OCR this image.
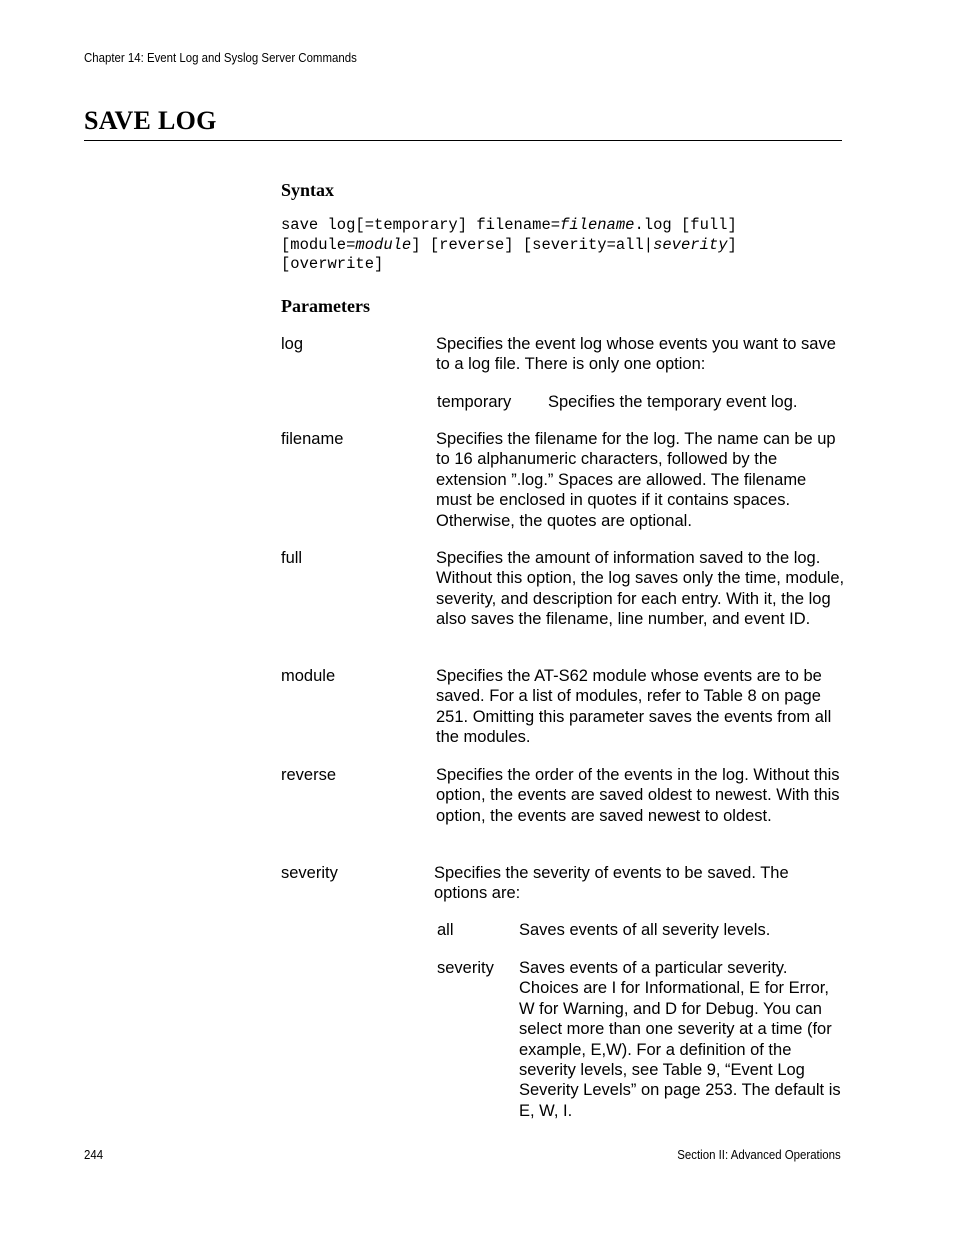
Chapter 14: Event Log and Syslog Server Commands
SAVE LOG
Syntax
save log[=temporary] filename=filename.log [full]
[module=module] [reverse] [severity=all|severity]
[overwrite]
Parameters
log	Specifies the event log whose events you want to save to a log file. There is only one option:
temporary Specifies the temporary event log.
filename	Specifies the filename for the log. The name can be up to 16 alphanumeric characters, followed by the extension ”.log.” Spaces are allowed. The filename must be enclosed in quotes if it contains spaces. Otherwise, the quotes are optional.
full	Specifies the amount of information saved to the log. Without this option, the log saves only the time, module, severity, and description for each entry. With it, the log also saves the filename, line number, and event ID.
module	Specifies the AT-S62 module whose events are to be saved. For a list of modules, refer to Table 8 on page 251. Omitting this parameter saves the events from all the modules.
reverse	Specifies the order of the events in the log. Without this option, the events are saved oldest to newest. With this option, the events are saved newest to oldest.
severity	Specifies the severity of events to be saved. The options are:
all	Saves events of all severity levels.
severity Saves events of a particular severity. Choices are I for Informational, E for Error, W for Warning, and D for Debug. You can select more than one severity at a time (for example, E,W). For a definition of the severity levels, see Table 9, “Event Log Severity Levels” on page 253. The default is E, W, I.
244	Section II: Advanced Operations
